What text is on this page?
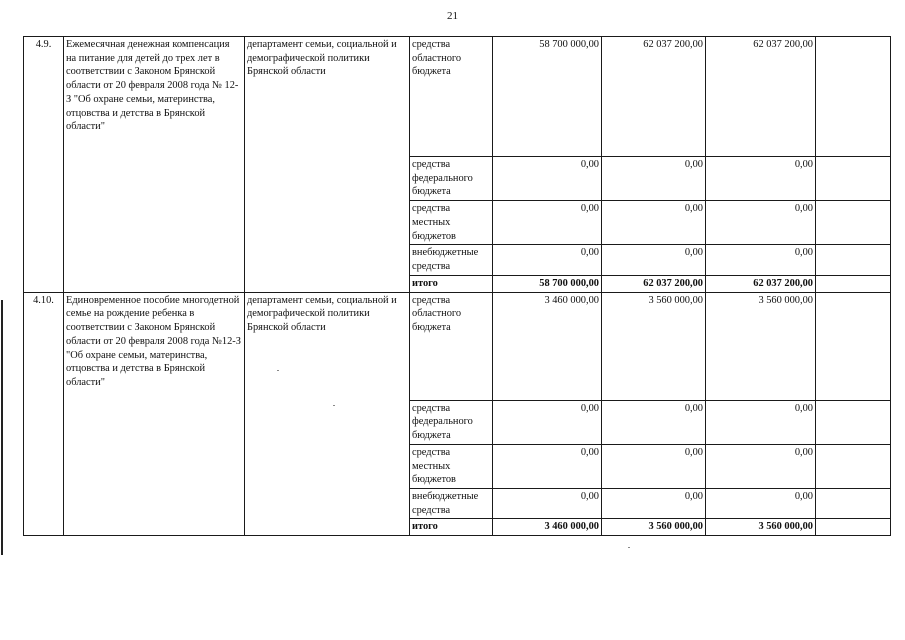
21
4.9.	Ежемесячная денежная компенсация на питание для детей до трех лет в соответствии с Законом Брянской области от 20 февраля 2008 года № 12-З "Об охране семьи, материнства, отцовства и детства в Брянской области"	департамент семьи, социальной и демографической политики Брянской области	средства областного бюджета	58 700 000,00	62 037 200,00	62 037 200,00	
			средства федерального бюджета	0,00	0,00	0,00	
			средства местных бюджетов	0,00	0,00	0,00	
			внебюджетные средства	0,00	0,00	0,00	
			итого	58 700 000,00	62 037 200,00	62 037 200,00	
4.10.	Единовременное пособие многодетной семье на рождение ребенка в соответствии с Законом Брянской области от 20 февраля 2008 года №12-З "Об охране семьи, материнства, отцовства и детства в Брянской области"	департамент семьи, социальной и демографической политики Брянской области	средства областного бюджета	3 460 000,00	3 560 000,00	3 560 000,00	
			средства федерального бюджета	0,00	0,00	0,00	
			средства местных бюджетов	0,00	0,00	0,00	
			внебюджетные средства	0,00	0,00	0,00	
			итого	3 460 000,00	3 560 000,00	3 560 000,00	
